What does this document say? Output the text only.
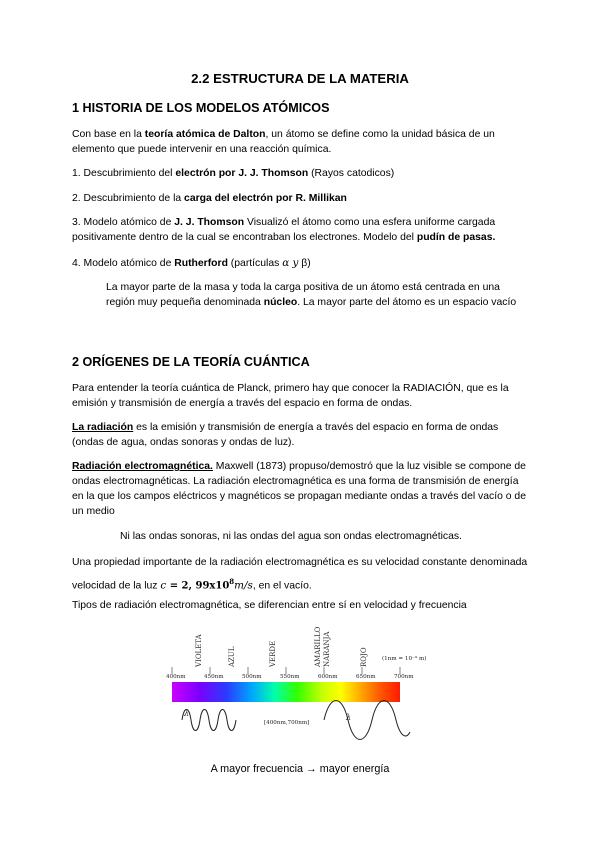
2.2 ESTRUCTURA DE LA MATERIA
1 HISTORIA DE LOS MODELOS ATÓMICOS

Con base en la teoría atómica de Dalton, un átomo se define como la unidad básica de un elemento que puede intervenir en una reacción química.

1. Descubrimiento del electrón por J. J. Thomson (Rayos catodicos)

2. Descubrimiento de la carga del electrón por R. Millikan

3. Modelo atómico de J. J. Thomson Visualizó el átomo como una esfera uniforme cargada positivamente dentro de la cual se encontraban los electrones. Modelo del pudín de pasas.

4. Modelo atómico de Rutherford (partículas α y β)

La mayor parte de la masa y toda la carga positiva de un átomo está centrada en una región muy pequeña denominada núcleo. La mayor parte del átomo es un espacio vacío

2 ORÍGENES DE LA TEORÍA CUÁNTICA

Para entender la teoría cuántica de Planck, primero hay que conocer la RADIACIÓN, que es la emisión y transmisión de energía a través del espacio en forma de ondas.

La radiación es la emisión y transmisión de energía a través del espacio en forma de ondas (ondas de agua, ondas sonoras y ondas de luz).

Radiación electromagnética. Maxwell (1873) propuso/demostró que la luz visible se compone de ondas electromagnéticas. La radiación electromagnética es una forma de transmisión de energía en la que los campos eléctricos y magnéticos se propagan mediante ondas a través del vacío o de un medio

Ni las ondas sonoras, ni las ondas del agua son ondas electromagnéticas.

Una propiedad importante de la radiación electromagnética es su velocidad constante denominada velocidad de la luz c = 2, $99x10^8m/s$, en el vacío.

Tipos de radiación electromagnética, se diferencian entre sí en velocidad y frecuencia

VIOLETA	AZUL	VERDE	AMARILLO NARANJA	ROJO
400nm	450nm	500nm	550nm	600nm	650nm	700nm
(1nm = 10⁻⁹ m)
λ
[400nm,700nm]
λ
A mayor frecuencia → mayor energía
